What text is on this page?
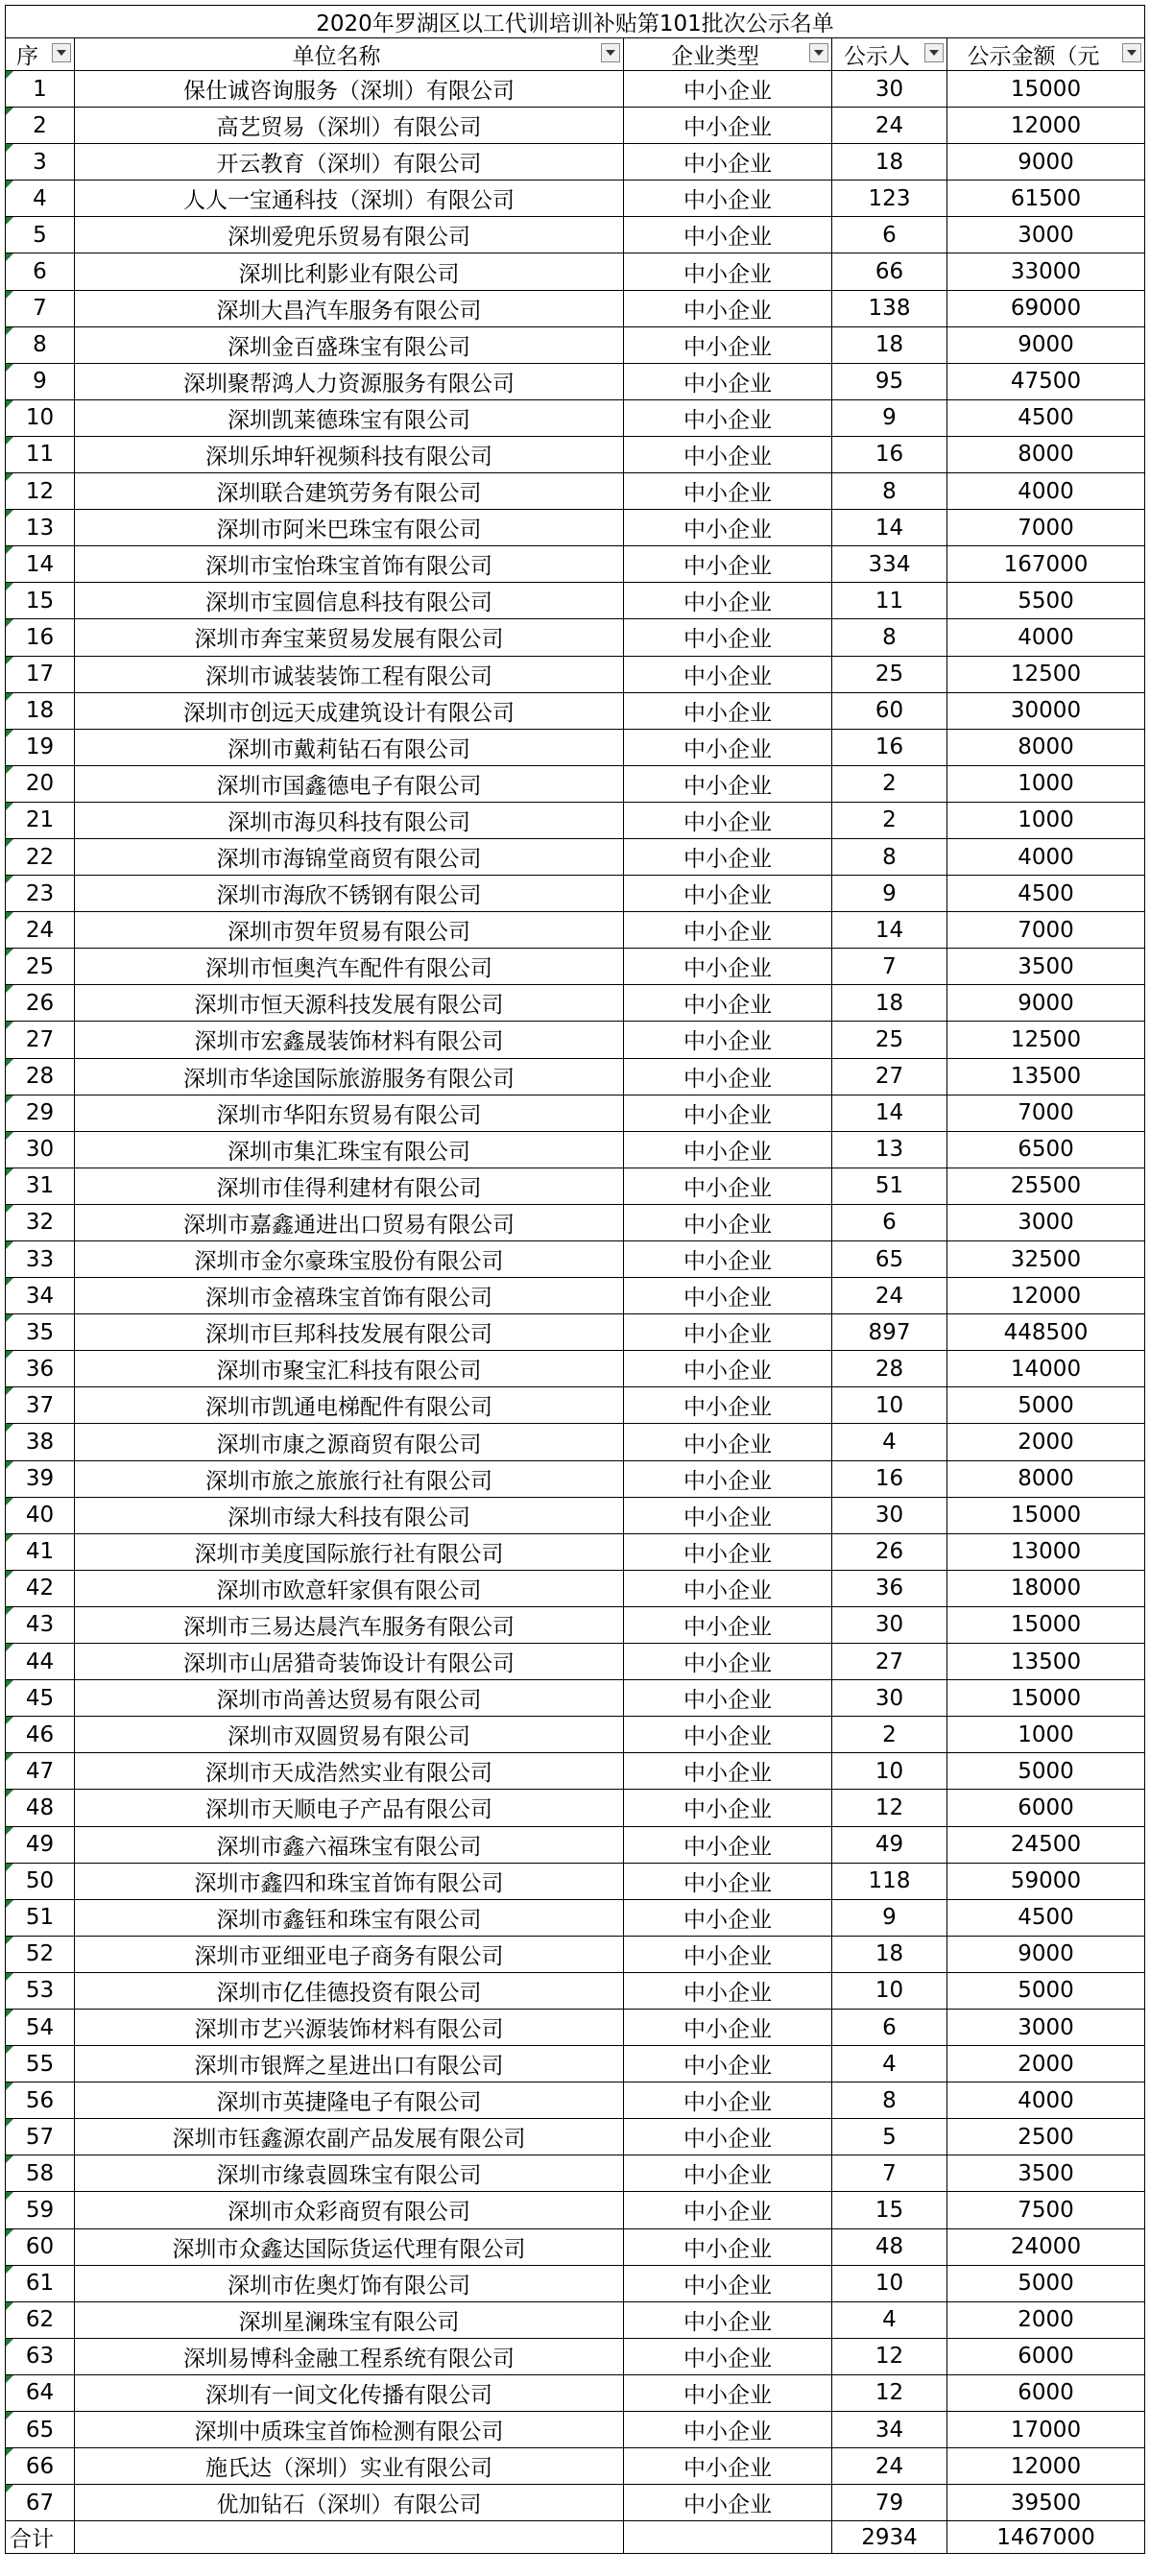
2020年罗湖区以工代训培训补贴第101批次公示名单				
序	单位名称	企业类型	公示人	公示金额（元

1	保仕诚咨询服务（深圳）有限公司	中小企业	30	15000
2	高艺贸易（深圳）有限公司	中小企业	24	12000
3	开云教育（深圳）有限公司	中小企业	18	9000
4	人人一宝通科技（深圳）有限公司	中小企业	123	61500
5	深圳爱兜乐贸易有限公司	中小企业	6	3000
6	深圳比利影业有限公司	中小企业	66	33000
7	深圳大昌汽车服务有限公司	中小企业	138	69000
8	深圳金百盛珠宝有限公司	中小企业	18	9000
9	深圳聚帮鸿人力资源服务有限公司	中小企业	95	47500
10	深圳凯莱德珠宝有限公司	中小企业	9	4500
11	深圳乐坤轩视频科技有限公司	中小企业	16	8000
12	深圳联合建筑劳务有限公司	中小企业	8	4000
13	深圳市阿米巴珠宝有限公司	中小企业	14	7000
14	深圳市宝怡珠宝首饰有限公司	中小企业	334	167000
15	深圳市宝圆信息科技有限公司	中小企业	11	5500
16	深圳市奔宝莱贸易发展有限公司	中小企业	8	4000
17	深圳市诚装装饰工程有限公司	中小企业	25	12500
18	深圳市创远天成建筑设计有限公司	中小企业	60	30000
19	深圳市戴莉钻石有限公司	中小企业	16	8000
20	深圳市国鑫德电子有限公司	中小企业	2	1000
21	深圳市海贝科技有限公司	中小企业	2	1000
22	深圳市海锦堂商贸有限公司	中小企业	8	4000
23	深圳市海欣不锈钢有限公司	中小企业	9	4500
24	深圳市贺年贸易有限公司	中小企业	14	7000
25	深圳市恒奥汽车配件有限公司	中小企业	7	3500
26	深圳市恒天源科技发展有限公司	中小企业	18	9000
27	深圳市宏鑫晟装饰材料有限公司	中小企业	25	12500
28	深圳市华途国际旅游服务有限公司	中小企业	27	13500
29	深圳市华阳东贸易有限公司	中小企业	14	7000
30	深圳市集汇珠宝有限公司	中小企业	13	6500
31	深圳市佳得利建材有限公司	中小企业	51	25500
32	深圳市嘉鑫通进出口贸易有限公司	中小企业	6	3000
33	深圳市金尔豪珠宝股份有限公司	中小企业	65	32500
34	深圳市金禧珠宝首饰有限公司	中小企业	24	12000
35	深圳市巨邦科技发展有限公司	中小企业	897	448500
36	深圳市聚宝汇科技有限公司	中小企业	28	14000
37	深圳市凯通电梯配件有限公司	中小企业	10	5000
38	深圳市康之源商贸有限公司	中小企业	4	2000
39	深圳市旅之旅旅行社有限公司	中小企业	16	8000
40	深圳市绿大科技有限公司	中小企业	30	15000
41	深圳市美度国际旅行社有限公司	中小企业	26	13000
42	深圳市欧意轩家俱有限公司	中小企业	36	18000
43	深圳市三易达晨汽车服务有限公司	中小企业	30	15000
44	深圳市山居猎奇装饰设计有限公司	中小企业	27	13500
45	深圳市尚善达贸易有限公司	中小企业	30	15000
46	深圳市双圆贸易有限公司	中小企业	2	1000
47	深圳市天成浩然实业有限公司	中小企业	10	5000
48	深圳市天顺电子产品有限公司	中小企业	12	6000
49	深圳市鑫六福珠宝有限公司	中小企业	49	24500
50	深圳市鑫四和珠宝首饰有限公司	中小企业	118	59000
51	深圳市鑫钰和珠宝有限公司	中小企业	9	4500
52	深圳市亚细亚电子商务有限公司	中小企业	18	9000
53	深圳市亿佳德投资有限公司	中小企业	10	5000
54	深圳市艺兴源装饰材料有限公司	中小企业	6	3000
55	深圳市银辉之星进出口有限公司	中小企业	4	2000
56	深圳市英捷隆电子有限公司	中小企业	8	4000
57	深圳市钰鑫源农副产品发展有限公司	中小企业	5	2500
58	深圳市缘袁圆珠宝有限公司	中小企业	7	3500
59	深圳市众彩商贸有限公司	中小企业	15	7500
60	深圳市众鑫达国际货运代理有限公司	中小企业	48	24000
61	深圳市佐奥灯饰有限公司	中小企业	10	5000
62	深圳星澜珠宝有限公司	中小企业	4	2000
63	深圳易博科金融工程系统有限公司	中小企业	12	6000
64	深圳有一间文化传播有限公司	中小企业	12	6000
65	深圳中质珠宝首饰检测有限公司	中小企业	34	17000
66	施氏达（深圳）实业有限公司	中小企业	24	12000
67	优加钻石（深圳）有限公司	中小企业	79	39500
合计			2934	1467000
